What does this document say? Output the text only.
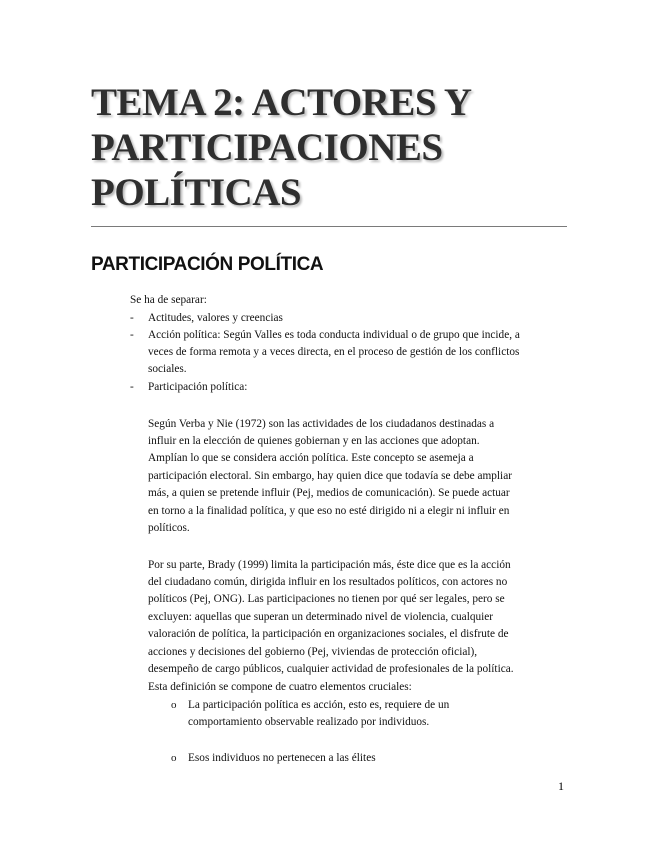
TEMA 2: ACTORES Y PARTICIPACIONES POLÍTICAS
PARTICIPACIÓN POLÍTICA
Se ha de separar:
- Actitudes, valores y creencias
- Acción política: Según Valles es toda conducta individual o de grupo que incide, a
veces de forma remota y a veces directa, en el proceso de gestión de los conflictos
sociales.
- Participación política:
Según Verba y Nie (1972) son las actividades de los ciudadanos destinadas a
influir en la elección de quienes gobiernan y en las acciones que adoptan.
Amplían lo que se considera acción política. Este concepto se asemeja a
participación electoral. Sin embargo, hay quien dice que todavía se debe ampliar
más, a quien se pretende influir (Pej, medios de comunicación). Se puede actuar
en torno a la finalidad política, y que eso no esté dirigido ni a elegir ni influir en
políticos.
Por su parte, Brady (1999) limita la participación más, éste dice que es la acción
del ciudadano común, dirigida influir en los resultados políticos, con actores no
políticos (Pej, ONG). Las participaciones no tienen por qué ser legales, pero se
excluyen: aquellas que superan un determinado nivel de violencia, cualquier
valoración de política, la participación en organizaciones sociales, el disfrute de
acciones y decisiones del gobierno (Pej, viviendas de protección oficial),
desempeño de cargo públicos, cualquier actividad de profesionales de la política.
Esta definición se compone de cuatro elementos cruciales:
o La participación política es acción, esto es, requiere de un
comportamiento observable realizado por individuos.
o Esos individuos no pertenecen a las élites
1
